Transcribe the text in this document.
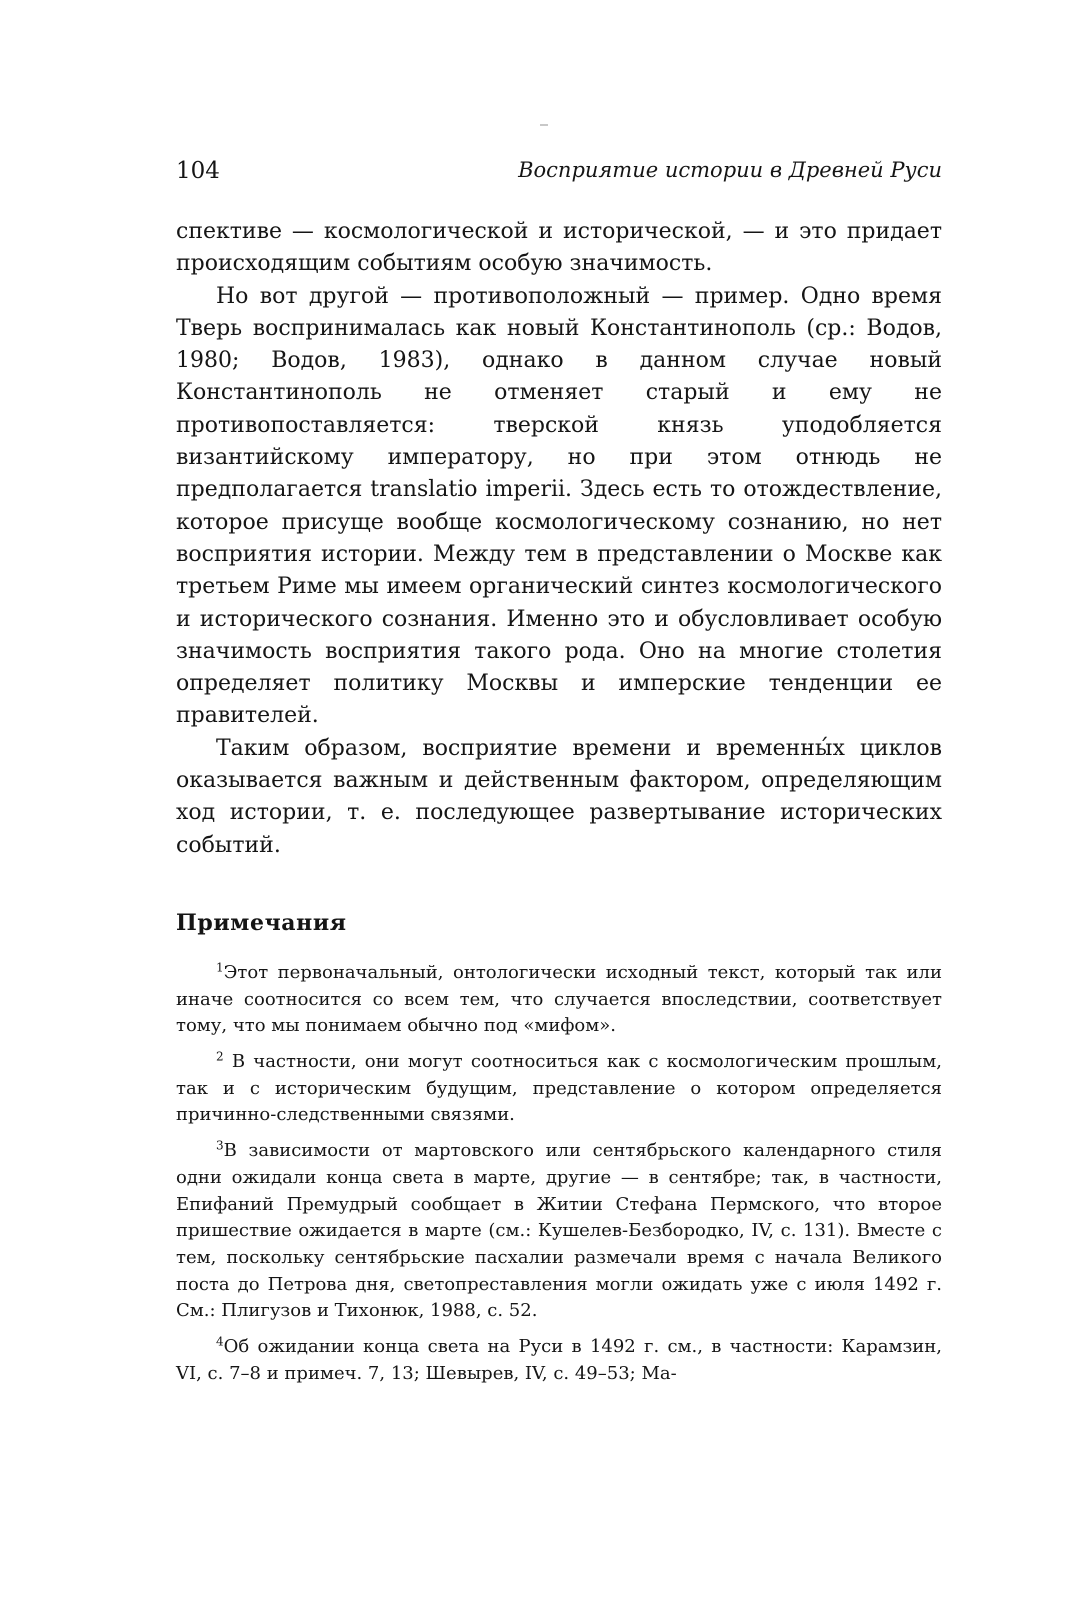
104	Восприятие истории в Древней Руси

спективе — космологической и исторической, — и это придает происходящим событиям особую значимость.

Но вот другой — противоположный — пример. Одно время Тверь воспринималась как новый Константинополь (ср.: Водов, 1980; Водов, 1983), однако в данном случае новый Константинополь не отменяет старый и ему не противопоставляется: тверской князь уподобляется византийскому императору, но при этом отнюдь не предполагается translatio imperii. Здесь есть то отождествление, которое присуще вообще космологическому сознанию, но нет восприятия истории. Между тем в представлении о Москве как третьем Риме мы имеем органический синтез космологического и исторического сознания. Именно это и обусловливает особую значимость восприятия такого рода. Оно на многие столетия определяет политику Москвы и имперские тенденции ее правителей.

Таким образом, восприятие времени и временны́х циклов оказывается важным и действенным фактором, определяющим ход истории, т. е. последующее развертывание исторических событий.

Примечания

$^1$Этот первоначальный, онтологически исходный текст, который так или иначе соотносится со всем тем, что случается впоследствии, соответствует тому, что мы понимаем обычно под «мифом».

$^2$ В частности, они могут соотноситься как с космологическим прошлым, так и с историческим будущим, представление о котором определяется причинно-следственными связями.

$^3$В зависимости от мартовского или сентябрьского календарного стиля одни ожидали конца света в марте, другие — в сентябре; так, в частности, Епифаний Премудрый сообщает в Житии Стефана Пермского, что второе пришествие ожидается в марте (см.: Кушелев-Безбородко, IV, с. 131). Вместе с тем, поскольку сентябрьские пасхалии размечали время с начала Великого поста до Петрова дня, светопреставления могли ожидать уже с июля 1492 г. См.: Плигузов и Тихонюк, 1988, с. 52.

$^4$Об ожидании конца света на Руси в 1492 г. см., в частности: Карамзин, VI, с. 7–8 и примеч. 7, 13; Шевырев, IV, с. 49–53; Ма-
